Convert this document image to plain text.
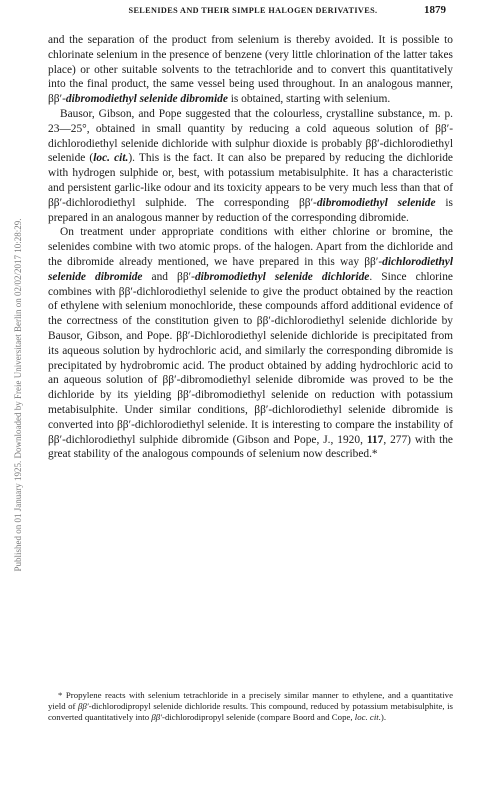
SELENIDES AND THEIR SIMPLE HALOGEN DERIVATIVES.	1879
Published on 01 January 1925. Downloaded by Freie Universitaet Berlin on 02/02/2017 10:28:29.

and the separation of the product from selenium is thereby avoided. It is possible to chlorinate selenium in the presence of benzene (very little chlorination of the latter takes place) or other suitable solvents to the tetrachloride and to convert this quantitatively into the final product, the same vessel being used throughout. In an analogous manner, ββ′-dibromodiethyl selenide dibromide is obtained, starting with selenium.

Bausor, Gibson, and Pope suggested that the colourless, crystalline substance, m. p. 23—25°, obtained in small quantity by reducing a cold aqueous solution of ββ′-dichlorodiethyl selenide dichloride with sulphur dioxide is probably ββ′-dichlorodiethyl selenide (loc. cit.). This is the fact. It can also be prepared by reducing the dichloride with hydrogen sulphide or, best, with potassium metabisulphite. It has a characteristic and persistent garlic-like odour and its toxicity appears to be very much less than that of ββ′-dichlorodiethyl sulphide. The corresponding ββ′-dibromodiethyl selenide is prepared in an analogous manner by reduction of the corresponding dibromide.

On treatment under appropriate conditions with either chlorine or bromine, the selenides combine with two atomic props. of the halogen. Apart from the dichloride and the dibromide already mentioned, we have prepared in this way ββ′-dichlorodiethyl selenide dibromide and ββ′-dibromodiethyl selenide dichloride. Since chlorine combines with ββ′-dichlorodiethyl selenide to give the product obtained by the reaction of ethylene with selenium monochloride, these compounds afford additional evidence of the correctness of the constitution given to ββ′-dichlorodiethyl selenide dichloride by Bausor, Gibson, and Pope. ββ′-Dichlorodiethyl selenide dichloride is precipitated from its aqueous solution by hydrochloric acid, and similarly the corresponding dibromide is precipitated by hydrobromic acid. The product obtained by adding hydrochloric acid to an aqueous solution of ββ′-dibromodiethyl selenide dibromide was proved to be the dichloride by its yielding ββ′-dibromodiethyl selenide on reduction with potassium metabisulphite. Under similar conditions, ββ′-dichlorodiethyl selenide dibromide is converted into ββ′-dichlorodiethyl selenide. It is interesting to compare the instability of ββ′-dichlorodiethyl sulphide dibromide (Gibson and Pope, J., 1920, 117, 277) with the great stability of the analogous compounds of selenium now described.*

* Propylene reacts with selenium tetrachloride in a precisely similar manner to ethylene, and a quantitative yield of ββ′-dichlorodipropyl selenide dichloride results. This compound, reduced by potassium metabisulphite, is converted quantitatively into ββ′-dichlorodipropyl selenide (compare Boord and Cope, loc. cit.).
